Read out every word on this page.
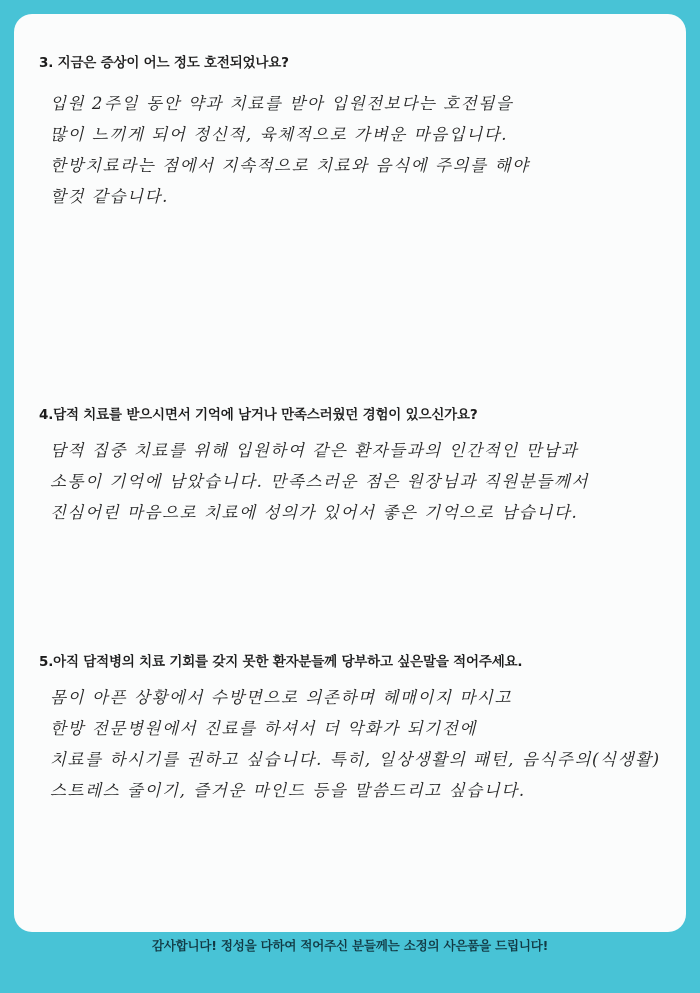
3. 지금은 증상이 어느 정도 호전되었나요?

입원 2주일 동안 약과 치료를 받아 입원전보다는 호전됨을
많이 느끼게 되어 정신적, 육체적으로 가벼운 마음입니다.
한방치료라는 점에서 지속적으로 치료와 음식에 주의를 해야
할것 같습니다.

4.담적 치료를 받으시면서 기억에 남거나 만족스러웠던 경험이 있으신가요?

담적 집중 치료를 위해 입원하여 같은 환자들과의 인간적인 만남과
소통이 기억에 남았습니다. 만족스러운 점은 원장님과 직원분들께서
진심어린 마음으로 치료에 성의가 있어서 좋은 기억으로 남습니다.

5.아직 담적병의 치료 기회를 갖지 못한 환자분들께 당부하고 싶은말을 적어주세요.

몸이 아픈 상황에서 수방면으로 의존하며 헤매이지 마시고
한방 전문병원에서 진료를 하셔서 더 악화가 되기전에
치료를 하시기를 권하고 싶습니다. 특히, 일상생활의 패턴, 음식주의(식생활)
스트레스 줄이기, 즐거운 마인드 등을 말씀드리고 싶습니다.
감사합니다! 정성을 다하여 적어주신 분들께는 소정의 사은품을 드립니다!
